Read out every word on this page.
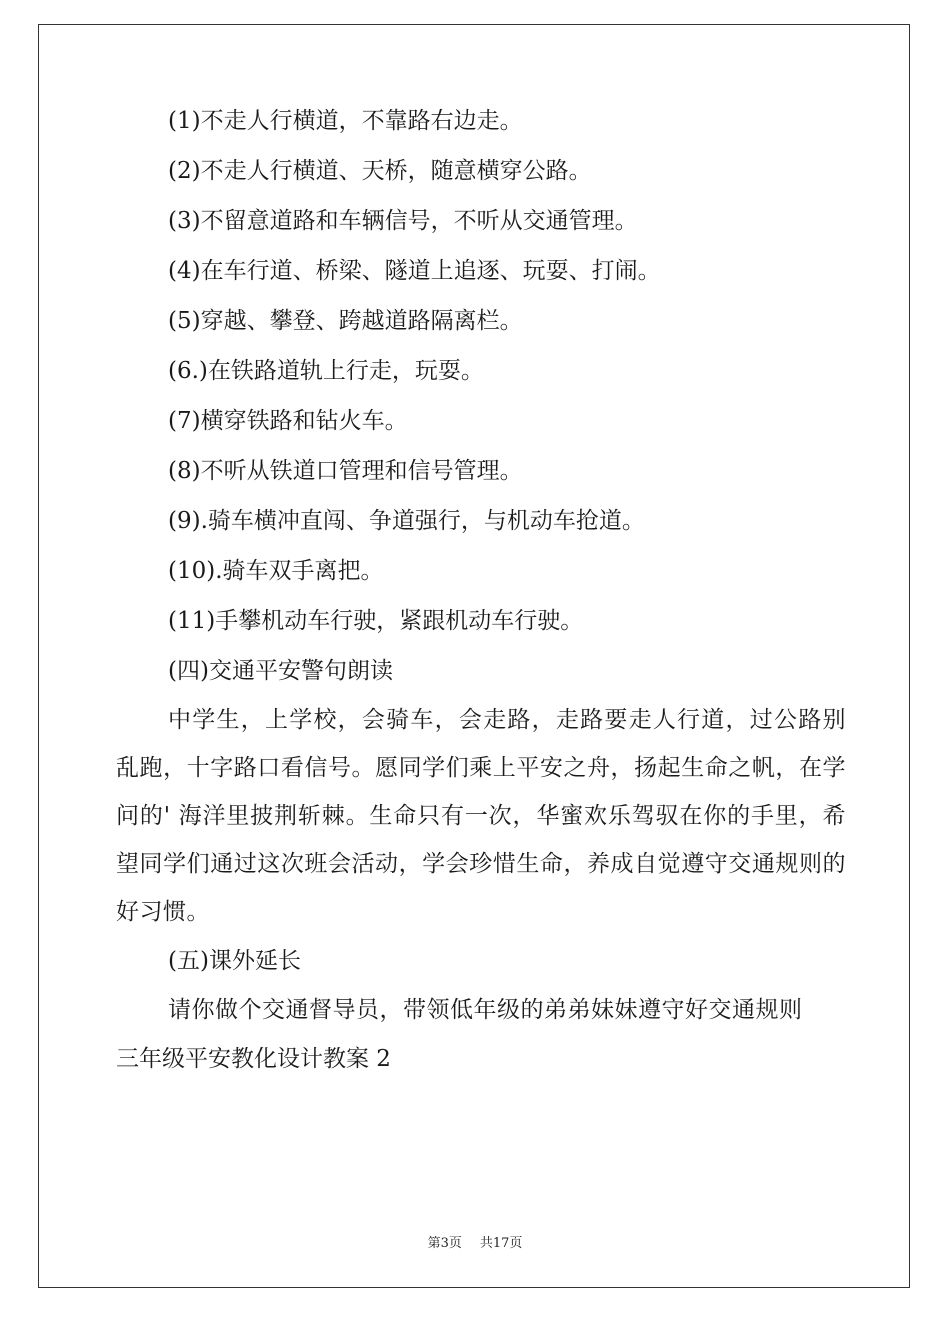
(1)不走人行横道，不靠路右边走。
(2)不走人行横道、天桥，随意横穿公路。
(3)不留意道路和车辆信号，不听从交通管理。
(4)在车行道、桥梁、隧道上追逐、玩耍、打闹。
(5)穿越、攀登、跨越道路隔离栏。
(6.)在铁路道轨上行走，玩耍。
(7)横穿铁路和钻火车。
(8)不听从铁道口管理和信号管理。
(9).骑车横冲直闯、争道强行，与机动车抢道。
(10).骑车双手离把。
(11)手攀机动车行驶，紧跟机动车行驶。
(四)交通平安警句朗读

中学生，上学校，会骑车，会走路，走路要走人行道，过公路别乱跑，十字路口看信号。愿同学们乘上平安之舟，扬起生命之帆，在学问的' 海洋里披荆斩棘。生命只有一次，华蜜欢乐驾驭在你的手里，希望同学们通过这次班会活动，学会珍惜生命，养成自觉遵守交通规则的好习惯。

(五)课外延长

请你做个交通督导员，带领低年级的弟弟妹妹遵守好交通规则

三年级平安教化设计教案 2
第3页 共17页
